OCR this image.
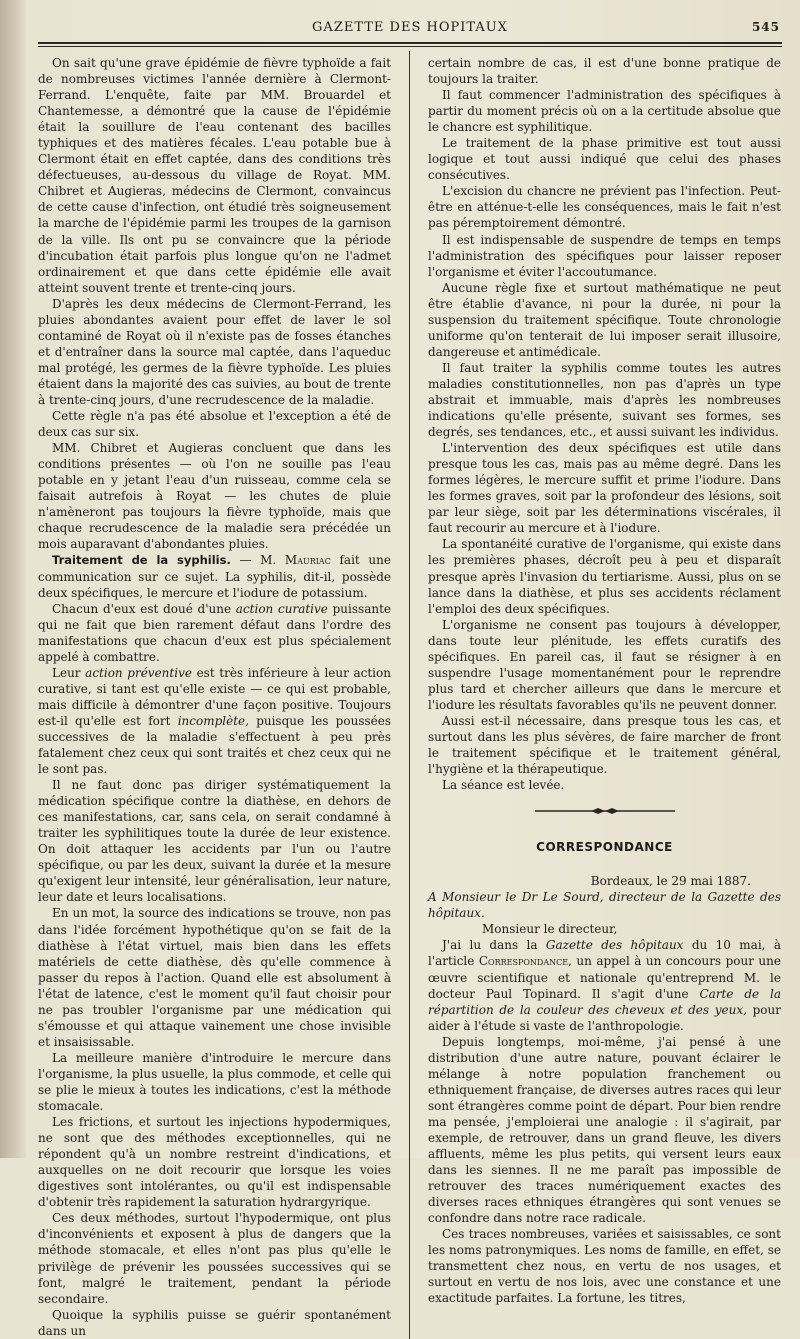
GAZETTE DES HOPITAUX	545

On sait qu'une grave épidémie de fièvre typhoïde a fait de nombreuses victimes l'année dernière à Clermont-Ferrand. L'enquête, faite par MM. Brouardel et Chantemesse, a démontré que la cause de l'épidémie était la souillure de l'eau contenant des bacilles typhiques et des matières fécales. L'eau potable bue à Clermont était en effet captée, dans des conditions très défectueuses, au-dessous du village de Royat. MM. Chibret et Augieras, médecins de Clermont, convaincus de cette cause d'infection, ont étudié très soigneusement la marche de l'épidémie parmi les troupes de la garnison de la ville. Ils ont pu se convaincre que la période d'incubation était parfois plus longue qu'on ne l'admet ordinairement et que dans cette épidémie elle avait atteint souvent trente et trente-cinq jours.

D'après les deux médecins de Clermont-Ferrand, les pluies abondantes avaient pour effet de laver le sol contaminé de Royat où il n'existe pas de fosses étanches et d'entraîner dans la source mal captée, dans l'aqueduc mal protégé, les germes de la fièvre typhoïde. Les pluies étaient dans la majorité des cas suivies, au bout de trente à trente-cinq jours, d'une recrudescence de la maladie.

Cette règle n'a pas été absolue et l'exception a été de deux cas sur six.

MM. Chibret et Augieras concluent que dans les conditions présentes — où l'on ne souille pas l'eau potable en y jetant l'eau d'un ruisseau, comme cela se faisait autrefois à Royat — les chutes de pluie n'amèneront pas toujours la fièvre typhoïde, mais que chaque recrudescence de la maladie sera précédée un mois auparavant d'abondantes pluies.

Traitement de la syphilis. — M. Mauriac fait une communication sur ce sujet. La syphilis, dit-il, possède deux spécifiques, le mercure et l'iodure de potassium.

Chacun d'eux est doué d'une action curative puissante qui ne fait que bien rarement défaut dans l'ordre des manifestations que chacun d'eux est plus spécialement appelé à combattre.

Leur action préventive est très inférieure à leur action curative, si tant est qu'elle existe — ce qui est probable, mais difficile à démontrer d'une façon positive. Toujours est-il qu'elle est fort incomplète, puisque les poussées successives de la maladie s'effectuent à peu près fatalement chez ceux qui sont traités et chez ceux qui ne le sont pas.

Il ne faut donc pas diriger systématiquement la médication spécifique contre la diathèse, en dehors de ces manifestations, car, sans cela, on serait condamné à traiter les syphilitiques toute la durée de leur existence. On doit attaquer les accidents par l'un ou l'autre spécifique, ou par les deux, suivant la durée et la mesure qu'exigent leur intensité, leur généralisation, leur nature, leur date et leurs localisations.

En un mot, la source des indications se trouve, non pas dans l'idée forcément hypothétique qu'on se fait de la diathèse à l'état virtuel, mais bien dans les effets matériels de cette diathèse, dès qu'elle commence à passer du repos à l'action. Quand elle est absolument à l'état de latence, c'est le moment qu'il faut choisir pour ne pas troubler l'organisme par une médication qui s'émousse et qui attaque vainement une chose invisible et insaisissable.

La meilleure manière d'introduire le mercure dans l'organisme, la plus usuelle, la plus commode, et celle qui se plie le mieux à toutes les indications, c'est la méthode stomacale.

Les frictions, et surtout les injections hypodermiques, ne sont que des méthodes exceptionnelles, qui ne répondent qu'à un nombre restreint d'indications, et auxquelles on ne doit recourir que lorsque les voies digestives sont intolérantes, ou qu'il est indispensable d'obtenir très rapidement la saturation hydrargyrique.

Ces deux méthodes, surtout l'hypodermique, ont plus d'inconvénients et exposent à plus de dangers que la méthode stomacale, et elles n'ont pas plus qu'elle le privilège de prévenir les poussées successives qui se font, malgré le traitement, pendant la période secondaire.

Quoique la syphilis puisse se guérir spontanément dans un

certain nombre de cas, il est d'une bonne pratique de toujours la traiter.

Il faut commencer l'administration des spécifiques à partir du moment précis où on a la certitude absolue que le chancre est syphilitique.

Le traitement de la phase primitive est tout aussi logique et tout aussi indiqué que celui des phases consécutives.

L'excision du chancre ne prévient pas l'infection. Peut-être en atténue-t-elle les conséquences, mais le fait n'est pas péremptoirement démontré.

Il est indispensable de suspendre de temps en temps l'administration des spécifiques pour laisser reposer l'organisme et éviter l'accoutumance.

Aucune règle fixe et surtout mathématique ne peut être établie d'avance, ni pour la durée, ni pour la suspension du traitement spécifique. Toute chronologie uniforme qu'on tenterait de lui imposer serait illusoire, dangereuse et antimédicale.

Il faut traiter la syphilis comme toutes les autres maladies constitutionnelles, non pas d'après un type abstrait et immuable, mais d'après les nombreuses indications qu'elle présente, suivant ses formes, ses degrés, ses tendances, etc., et aussi suivant les individus.

L'intervention des deux spécifiques est utile dans presque tous les cas, mais pas au même degré. Dans les formes légères, le mercure suffit et prime l'iodure. Dans les formes graves, soit par la profondeur des lésions, soit par leur siège, soit par les déterminations viscérales, il faut recourir au mercure et à l'iodure.

La spontanéité curative de l'organisme, qui existe dans les premières phases, décroît peu à peu et disparaît presque après l'invasion du tertiarisme. Aussi, plus on se lance dans la diathèse, et plus ses accidents réclament l'emploi des deux spécifiques.

L'organisme ne consent pas toujours à développer, dans toute leur plénitude, les effets curatifs des spécifiques. En pareil cas, il faut se résigner à en suspendre l'usage momentanément pour le reprendre plus tard et chercher ailleurs que dans le mercure et l'iodure les résultats favorables qu'ils ne peuvent donner.

Aussi est-il nécessaire, dans presque tous les cas, et surtout dans les plus sévères, de faire marcher de front le traitement spécifique et le traitement général, l'hygiène et la thérapeutique.

La séance est levée.

CORRESPONDANCE

Bordeaux, le 29 mai 1887.

A Monsieur le Dr Le Sourd, directeur de la Gazette des hôpitaux.

Monsieur le directeur,

J'ai lu dans la Gazette des hôpitaux du 10 mai, à l'article Correspondance, un appel à un concours pour une œuvre scientifique et nationale qu'entreprend M. le docteur Paul Topinard. Il s'agit d'une Carte de la répartition de la couleur des cheveux et des yeux, pour aider à l'étude si vaste de l'anthropologie.

Depuis longtemps, moi-même, j'ai pensé à une distribution d'une autre nature, pouvant éclairer le mélange à notre population franchement ou ethniquement française, de diverses autres races qui leur sont étrangères comme point de départ. Pour bien rendre ma pensée, j'emploierai une analogie : il s'agirait, par exemple, de retrouver, dans un grand fleuve, les divers affluents, même les plus petits, qui versent leurs eaux dans les siennes. Il ne me paraît pas impossible de retrouver des traces numériquement exactes des diverses races ethniques étrangères qui sont venues se confondre dans notre race radicale.

Ces traces nombreuses, variées et saisissables, ce sont les noms patronymiques. Les noms de famille, en effet, se transmettent chez nous, en vertu de nos usages, et surtout en vertu de nos lois, avec une constance et une exactitude parfaites. La fortune, les titres,
